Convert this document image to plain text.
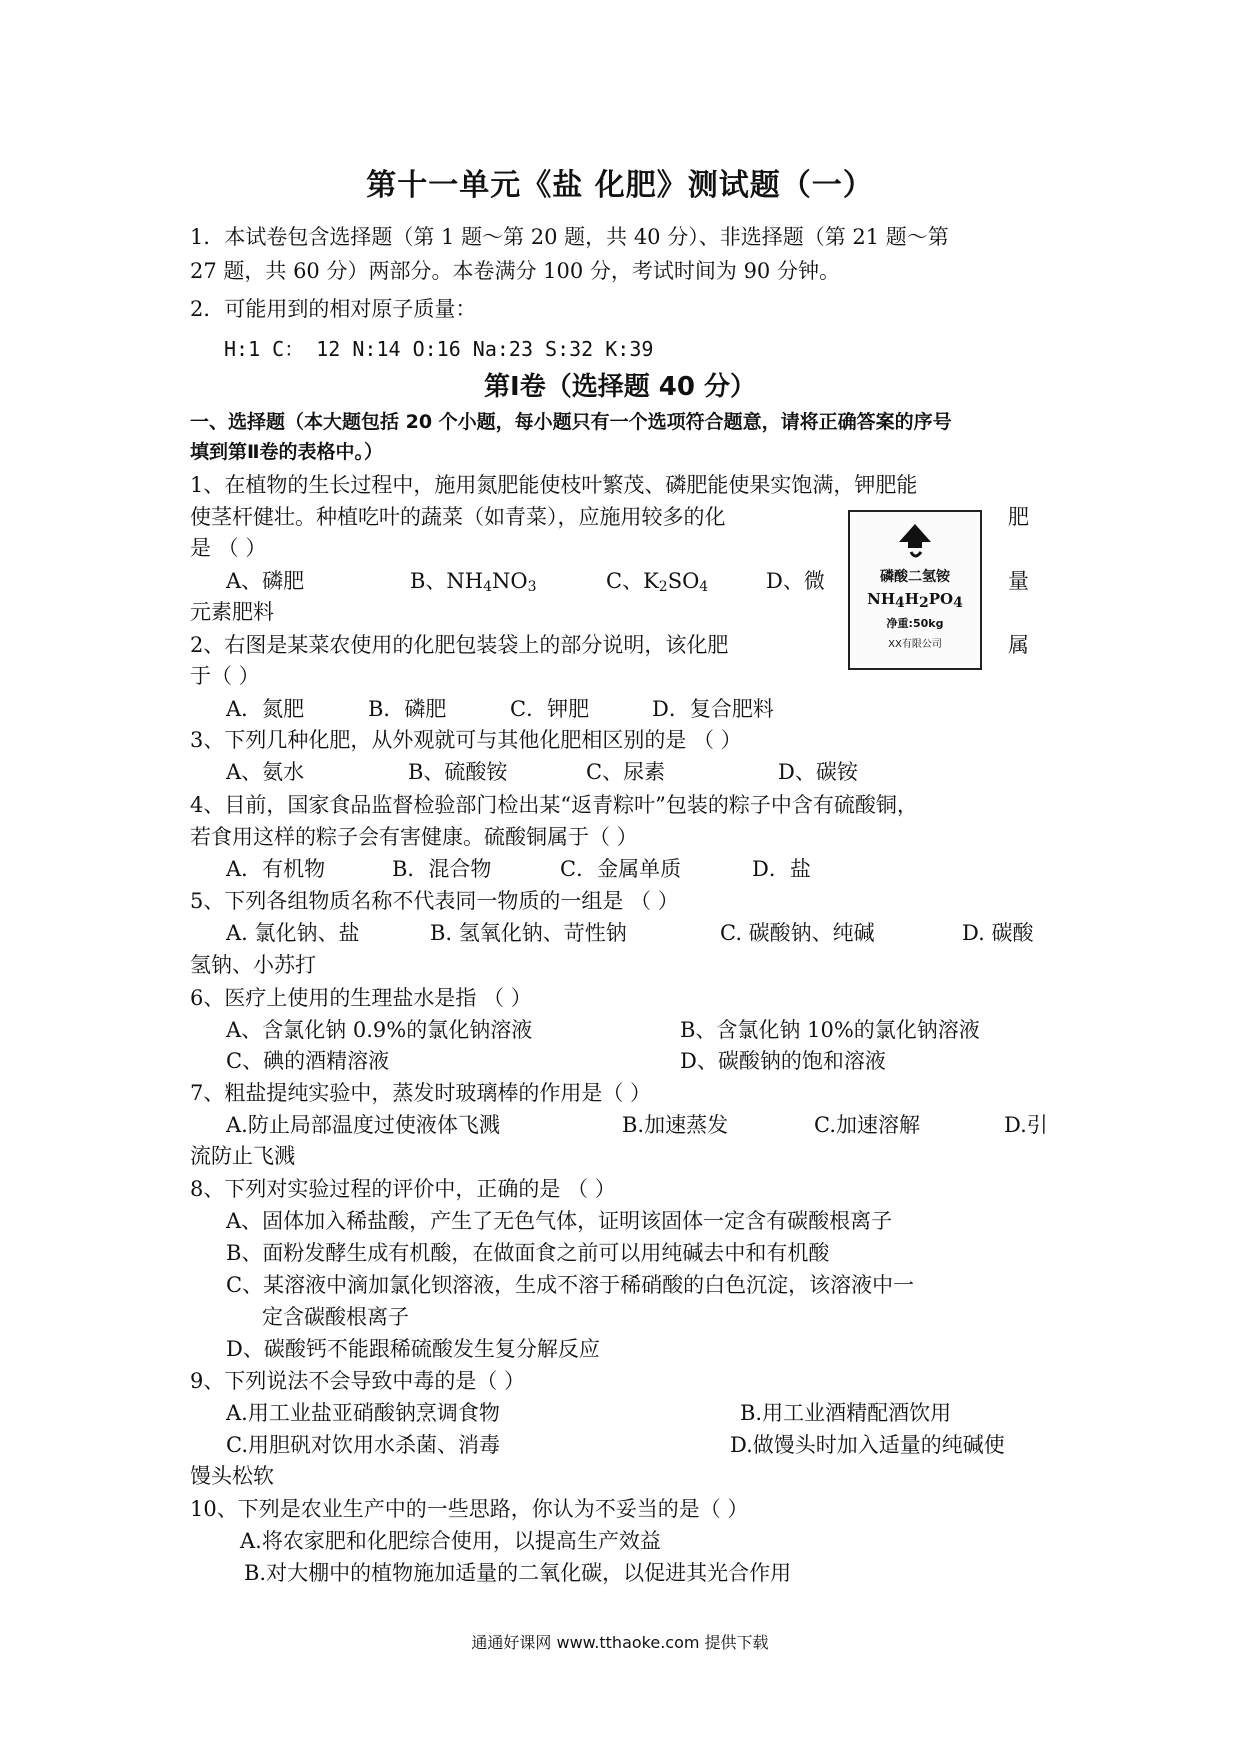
第十一单元《盐 化肥》测试题（一）
1．本试卷包含选择题（第 1 题～第 20 题，共 40 分）、非选择题（第 21 题～第
27 题，共 60 分）两部分。本卷满分 100 分，考试时间为 90 分钟。
2．可能用到的相对原子质量：
H:1 C： 12 N:14 O:16 Na:23 S:32 K:39
第Ⅰ卷（选择题 40 分）
一、选择题（本大题包括 20 个小题，每小题只有一个选项符合题意，请将正确答案的序号
填到第Ⅱ卷的表格中。）
磷酸二氢铵
$NH_4H_2PO_4$
净重:50kg
XX有限公司
1、在植物的生长过程中，施用氮肥能使枝叶繁茂、磷肥能使果实饱满，钾肥能
使茎杆健壮。种植吃叶的蔬菜（如青菜），应施用较多的化	肥
是 （ ）
A、磷肥	B、$NH_4NO_3$	C、$K_2SO_4$	D、微	量
元素肥料
2、右图是某菜农使用的化肥包装袋上的部分说明，该化肥	属
于（ ）
A．氮肥	B．磷肥	C．钾肥	D．复合肥料
3、下列几种化肥，从外观就可与其他化肥相区别的是 （ ）
A、氨水	B、硫酸铵	C、尿素	D、碳铵
4、目前，国家食品监督检验部门检出某“返青粽叶”包装的粽子中含有硫酸铜，
若食用这样的粽子会有害健康。硫酸铜属于（ ）
A．有机物	B．混合物	C．金属单质	D．盐
5、下列各组物质名称不代表同一物质的一组是 （ ）
A. 氯化钠、盐	B. 氢氧化钠、苛性钠	C. 碳酸钠、纯碱	D. 碳酸
氢钠、小苏打
6、医疗上使用的生理盐水是指 （ ）
A、含氯化钠 0.9%的氯化钠溶液	B、含氯化钠 10%的氯化钠溶液
C、碘的酒精溶液	D、碳酸钠的饱和溶液
7、粗盐提纯实验中，蒸发时玻璃棒的作用是（ ）
A.防止局部温度过使液体飞溅	B.加速蒸发	C.加速溶解	D.引
流防止飞溅
8、下列对实验过程的评价中，正确的是 （ ）
A、固体加入稀盐酸，产生了无色气体，证明该固体一定含有碳酸根离子
B、面粉发酵生成有机酸，在做面食之前可以用纯碱去中和有机酸
C、某溶液中滴加氯化钡溶液，生成不溶于稀硝酸的白色沉淀，该溶液中一
定含碳酸根离子
D、碳酸钙不能跟稀硫酸发生复分解反应
9、下列说法不会导致中毒的是（ ）
A.用工业盐亚硝酸钠烹调食物	B.用工业酒精配酒饮用
C.用胆矾对饮用水杀菌、消毒	D.做馒头时加入适量的纯碱使
馒头松软
10、下列是农业生产中的一些思路，你认为不妥当的是（ ）
A.将农家肥和化肥综合使用，以提高生产效益
B.对大棚中的植物施加适量的二氧化碳，以促进其光合作用
通通好课网 www.tthaoke.com 提供下载
